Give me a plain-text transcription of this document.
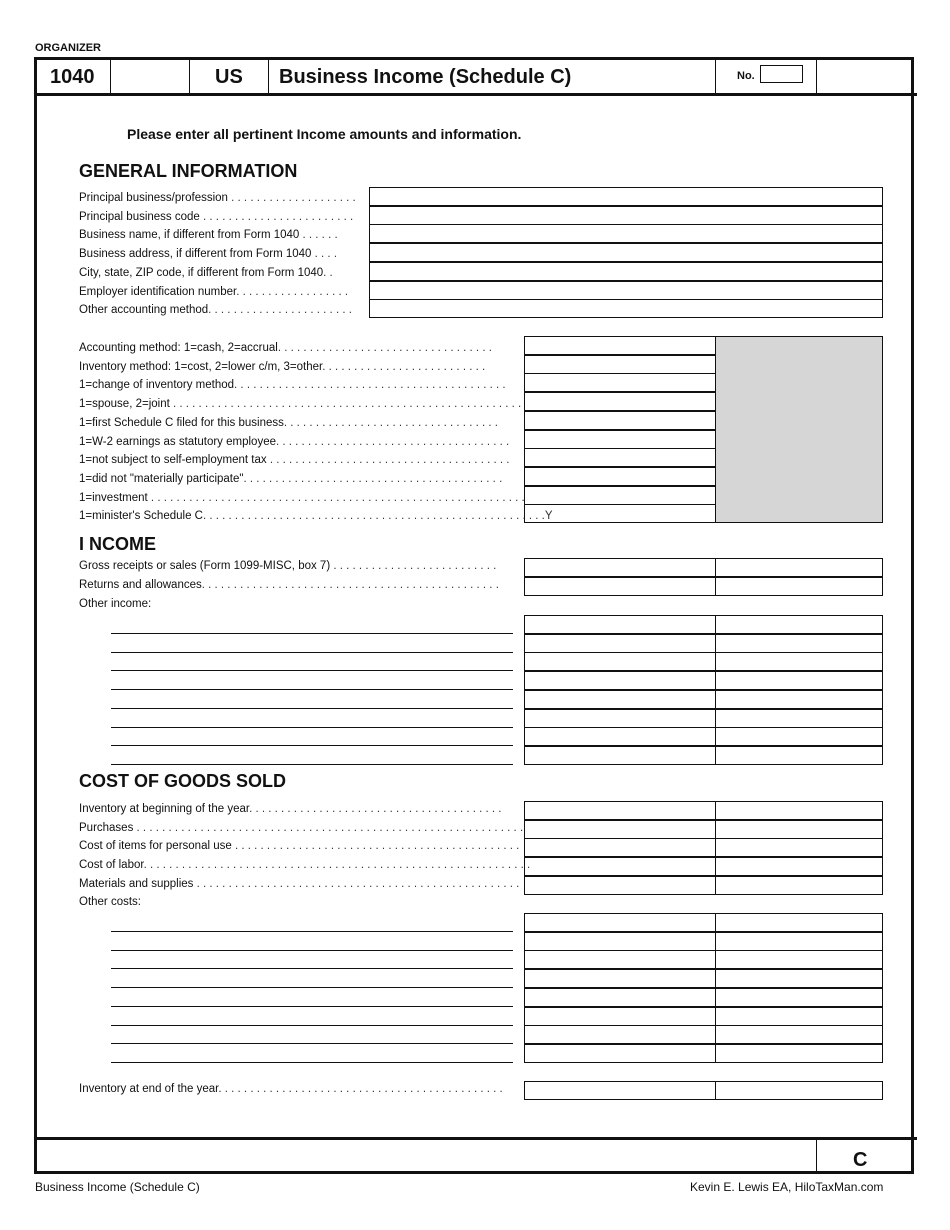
ORGANIZER
1040	US Business Income (Schedule C)	No.
Please enter all pertinent Income amounts and information.
GENERAL INFORMATION
Principal business/profession . . . . . . . . . . . . . . . . . . . .
Principal business code . . . . . . . . . . . . . . . . . . . . . . . .
Business name, if different from Form 1040 . . . . . .
Business address, if different from Form 1040 . . . .
City, state, ZIP code, if different from Form 1040. .
Employer identification number. . . . . . . . . . . . . . . . . .
Other accounting method. . . . . . . . . . . . . . . . . . . . . . .
Accounting method: 1=cash, 2=accrual. . . . . . . . . . . . . . . . . . . . . . . . . . . . . . . . . .
Inventory method: 1=cost, 2=lower c/m, 3=other. . . . . . . . . . . . . . . . . . . . . . . . . .
1=change of inventory method. . . . . . . . . . . . . . . . . . . . . . . . . . . . . . . . . . . . . . . . . . .
1=spouse, 2=joint . . . . . . . . . . . . . . . . . . . . . . . . . . . . . . . . . . . . . . . . . . . . . . . . . . . . . . .
1=first Schedule C filed for this business. . . . . . . . . . . . . . . . . . . . . . . . . . . . . . . . . .
1=W-2 earnings as statutory employee. . . . . . . . . . . . . . . . . . . . . . . . . . . . . . . . . . . . .
1=not subject to self-employment tax . . . . . . . . . . . . . . . . . . . . . . . . . . . . . . . . . . . . . .
1=did not "materially participate". . . . . . . . . . . . . . . . . . . . . . . . . . . . . . . . . . . . . . . . .
1=investment . . . . . . . . . . . . . . . . . . . . . . . . . . . . . . . . . . . . . . . . . . . . . . . . . . . . . . . . . . .
1=minister's Schedule C. . . . . . . . . . . . . . . . . . . . . . . . . . . . . . . . . . . . . . . . . . . . . . . . . . . . . .Y
I NCOME
Gross receipts or sales (Form 1099-MISC, box 7) . . . . . . . . . . . . . . . . . . . . . . . . . .
Returns and allowances. . . . . . . . . . . . . . . . . . . . . . . . . . . . . . . . . . . . . . . . . . . . . . .
Other income:
COST OF GOODS SOLD
Inventory at beginning of the year. . . . . . . . . . . . . . . . . . . . . . . . . . . . . . . . . . . . . . . .
Purchases . . . . . . . . . . . . . . . . . . . . . . . . . . . . . . . . . . . . . . . . . . . . . . . . . . . . . . . . . . . . .
Cost of items for personal use . . . . . . . . . . . . . . . . . . . . . . . . . . . . . . . . . . . . . . . . . . . . .
Cost of labor. . . . . . . . . . . . . . . . . . . . . . . . . . . . . . . . . . . . . . . . . . . . . . . . . . . . . . . . . . . . .
Materials and supplies . . . . . . . . . . . . . . . . . . . . . . . . . . . . . . . . . . . . . . . . . . . . . . . . . . .
Other costs:
Inventory at end of the year. . . . . . . . . . . . . . . . . . . . . . . . . . . . . . . . . . . . . . . . . . . . .
C
Business Income (Schedule C)	Kevin E. Lewis EA, HiloTaxMan.com
